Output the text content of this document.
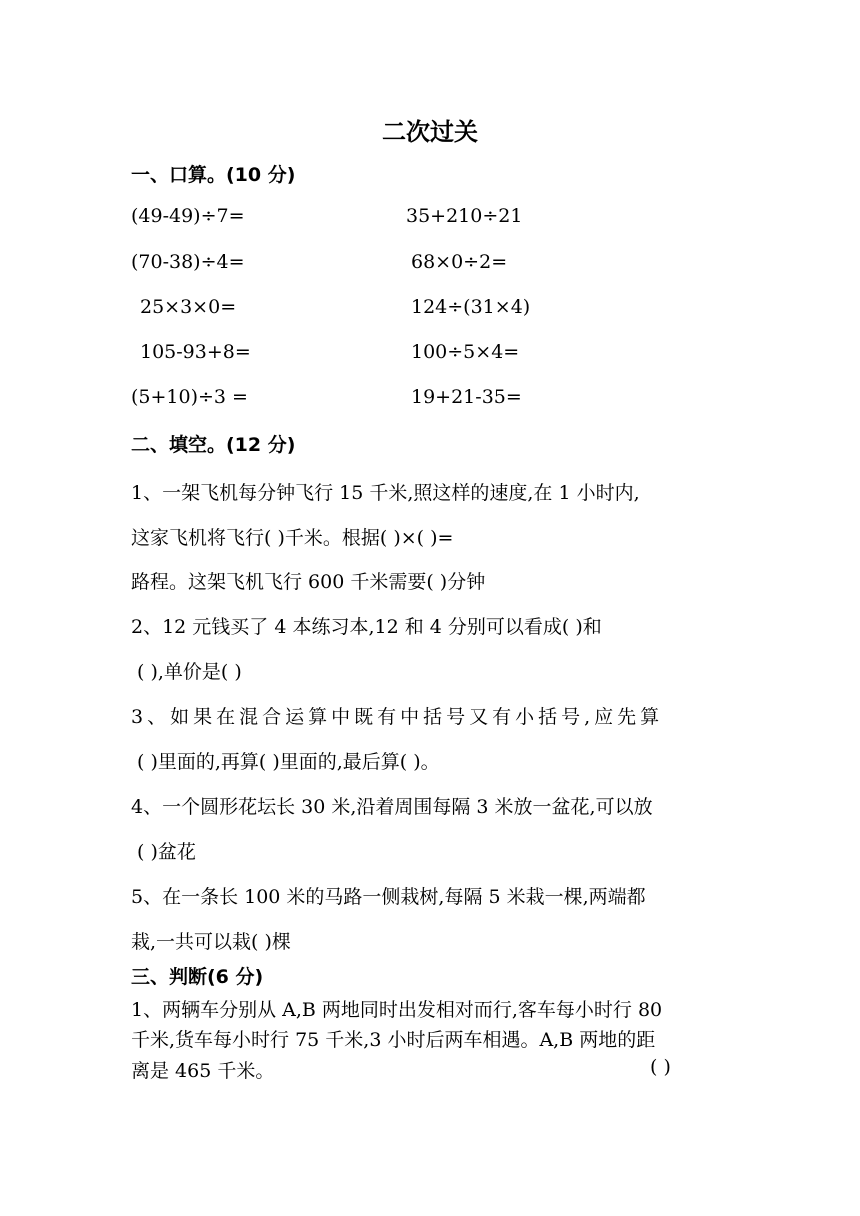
二次过关
一、口算。(10 分)
(49-49)÷7=	35+210÷21
(70-38)÷4=	68×0÷2=
25×3×0=	124÷(31×4)
105-93+8=	100÷5×4=
(5+10)÷3 =	19+21-35=
二、填空。(12 分)
1、一架飞机每分钟飞行 15 千米,照这样的速度,在 1 小时内,
这家飞机将飞行( )千米。根据( )×( )=
路程。这架飞机飞行 600 千米需要( )分钟
2、12 元钱买了 4 本练习本,12 和 4 分别可以看成( )和
( ),单价是( )
3、如果在混合运算中既有中括号又有小括号,应先算
( )里面的,再算( )里面的,最后算( )。
4、一个圆形花坛长 30 米,沿着周围每隔 3 米放一盆花,可以放
( )盆花
5、在一条长 100 米的马路一侧栽树,每隔 5 米栽一棵,两端都
栽,一共可以栽( )棵
三、判断(6 分)
1、两辆车分别从 A,B 两地同时出发相对而行,客车每小时行 80
千米,货车每小时行 75 千米,3 小时后两车相遇。A,B 两地的距
离是 465 千米。	( )
